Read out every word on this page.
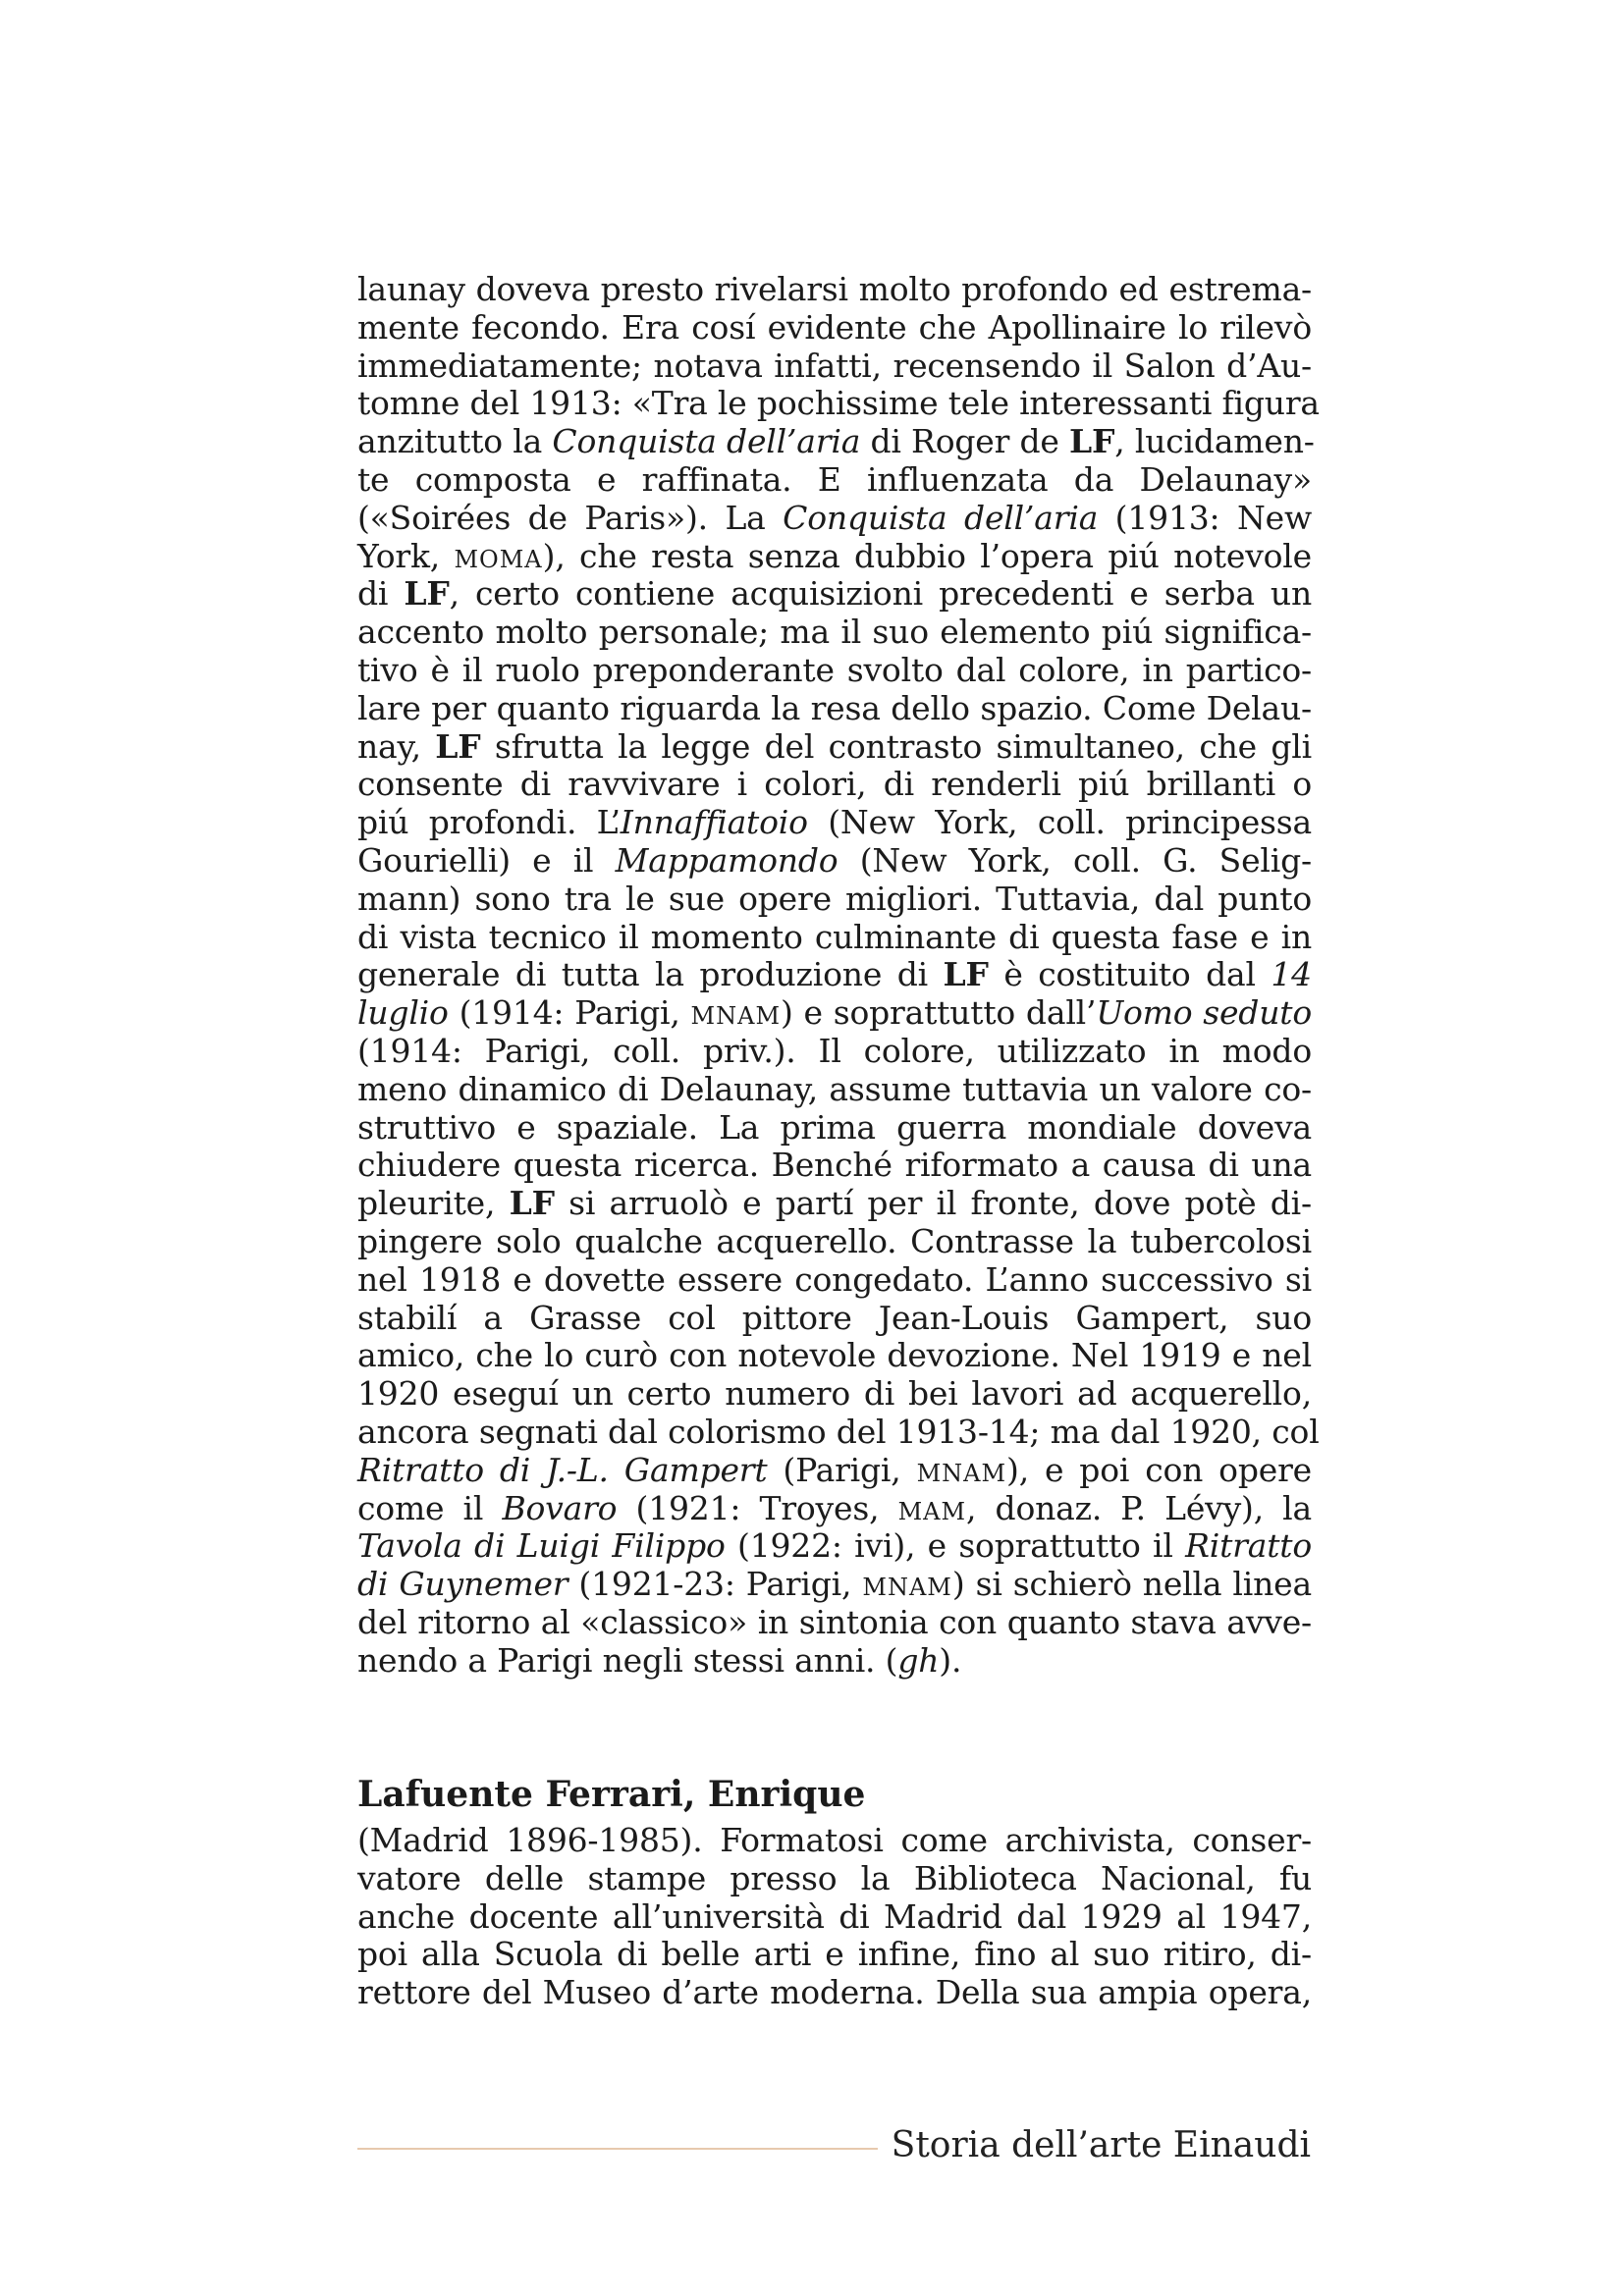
launay doveva presto rivelarsi molto profondo ed estrema-
mente fecondo. Era cosí evidente che Apollinaire lo rilevò
immediatamente; notava infatti, recensendo il Salon d’Au-
tomne del 1913: «Tra le pochissime tele interessanti figura
anzitutto la Conquista dell’aria di Roger de LF, lucidamen-
te composta e raffinata. E influenzata da Delaunay»
(«Soirées de Paris»). La Conquista dell’aria (1913: New
York, MOMA), che resta senza dubbio l’opera piú notevole
di LF, certo contiene acquisizioni precedenti e serba un
accento molto personale; ma il suo elemento piú significa-
tivo è il ruolo preponderante svolto dal colore, in partico-
lare per quanto riguarda la resa dello spazio. Come Delau-
nay, LF sfrutta la legge del contrasto simultaneo, che gli
consente di ravvivare i colori, di renderli piú brillanti o
piú profondi. L’Innaffiatoio (New York, coll. principessa
Gourielli) e il Mappamondo (New York, coll. G. Selig-
mann) sono tra le sue opere migliori. Tuttavia, dal punto
di vista tecnico il momento culminante di questa fase e in
generale di tutta la produzione di LF è costituito dal 14
luglio (1914: Parigi, MNAM) e soprattutto dall’Uomo seduto
(1914: Parigi, coll. priv.). Il colore, utilizzato in modo
meno dinamico di Delaunay, assume tuttavia un valore co-
struttivo e spaziale. La prima guerra mondiale doveva
chiudere questa ricerca. Benché riformato a causa di una
pleurite, LF si arruolò e partí per il fronte, dove potè di-
pingere solo qualche acquerello. Contrasse la tubercolosi
nel 1918 e dovette essere congedato. L’anno successivo si
stabilí a Grasse col pittore Jean-Louis Gampert, suo
amico, che lo curò con notevole devozione. Nel 1919 e nel
1920 eseguí un certo numero di bei lavori ad acquerello,
ancora segnati dal colorismo del 1913-14; ma dal 1920, col
Ritratto di J.-L. Gampert (Parigi, MNAM), e poi con opere
come il Bovaro (1921: Troyes, MAM, donaz. P. Lévy), la
Tavola di Luigi Filippo (1922: ivi), e soprattutto il Ritratto
di Guynemer (1921-23: Parigi, MNAM) si schierò nella linea
del ritorno al «classico» in sintonia con quanto stava avve-
nendo a Parigi negli stessi anni. (gh).
Lafuente Ferrari, Enrique
(Madrid 1896-1985). Formatosi come archivista, conser-
vatore delle stampe presso la Biblioteca Nacional, fu
anche docente all’università di Madrid dal 1929 al 1947,
poi alla Scuola di belle arti e infine, fino al suo ritiro, di-
rettore del Museo d’arte moderna. Della sua ampia opera,
Storia dell’arte Einaudi
